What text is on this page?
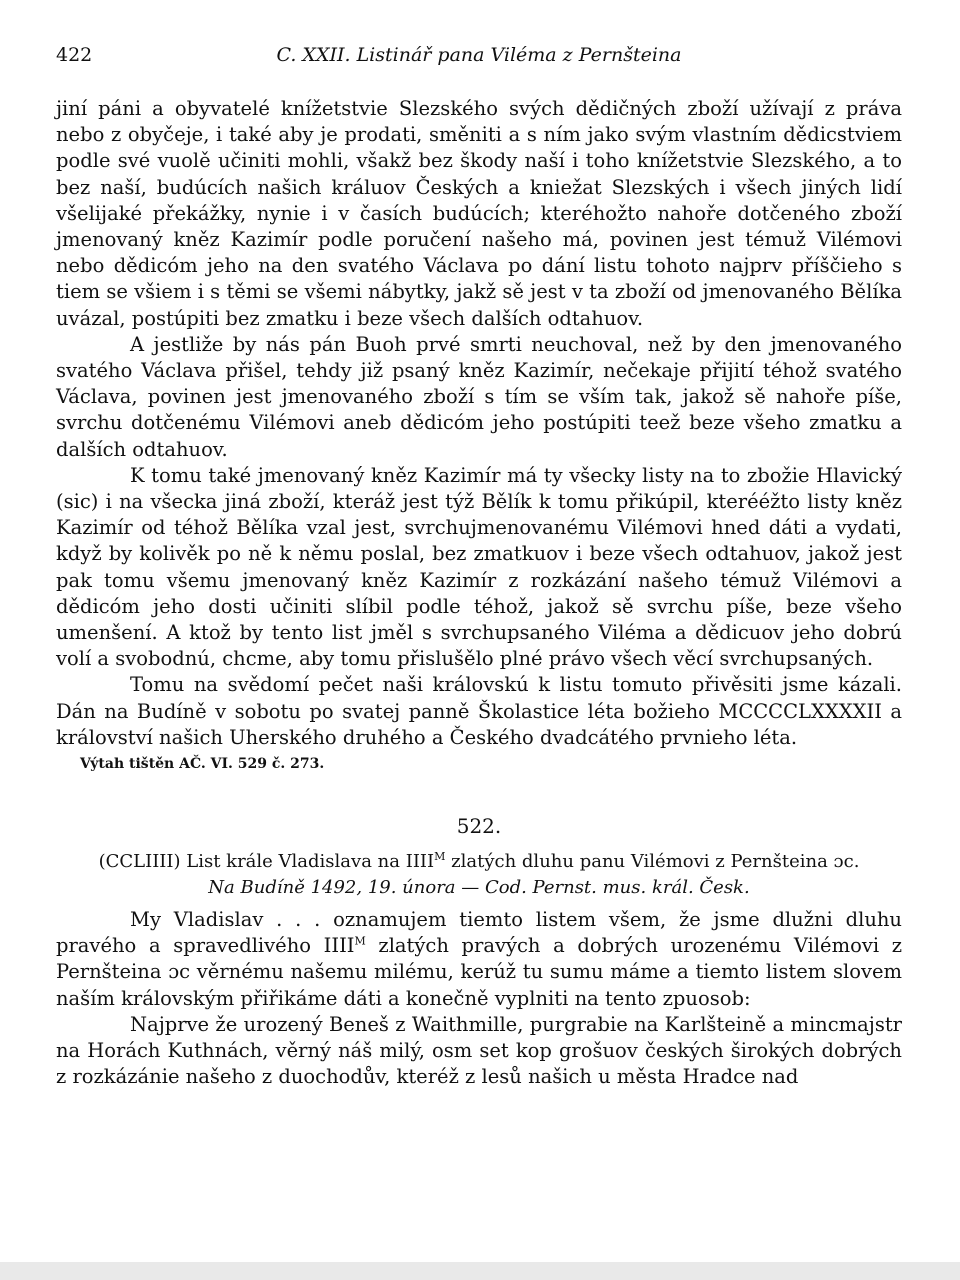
422	C. XXII. Listinář pana Viléma z Pernšteina

jiní páni a obyvatelé knížetstvie Slezského svých dědičných zboží užívají z práva nebo z obyčeje, i také aby je prodati, směniti a s ním jako svým vlastním dědicstviem podle své vuolě učiniti mohli, všakž bez škody naší i toho knížetstvie Slezského, a to bez naší, budúcích našich králuov Českých a kniežat Slezských i všech jiných lidí všelijaké překážky, nynie i v časích budúcích; kteréhožto nahoře dotčeného zboží jmenovaný kněz Kazimír podle poručení našeho má, povinen jest témuž Vilémovi nebo dědicóm jeho na den svatého Václava po dání listu tohoto najprv příščieho s tiem se všiem i s těmi se všemi nábytky, jakž sě jest v ta zboží od jmenovaného Bělíka uvázal, postúpiti bez zmatku i beze všech dalších odtahuov.

A jestliže by nás pán Buoh prvé smrti neuchoval, než by den jmenovaného svatého Václava přišel, tehdy již psaný kněz Kazimír, nečekaje přijití téhož svatého Václava, povinen jest jmenovaného zboží s tím se vším tak, jakož sě nahoře píše, svrchu dotčenému Vilémovi aneb dědicóm jeho postúpiti teež beze všeho zmatku a dalších odtahuov.

K tomu také jmenovaný kněz Kazimír má ty všecky listy na to zbožie Hlavický (sic) i na všecka jiná zboží, kteráž jest týž Bělík k tomu přikúpil, kterééžto listy kněz Kazimír od téhož Bělíka vzal jest, svrchujmenovanému Vilémovi hned dáti a vydati, když by kolivěk po ně k němu poslal, bez zmatkuov i beze všech odtahuov, jakož jest pak tomu všemu jmenovaný kněz Kazimír z rozkázání našeho témuž Vilémovi a dědicóm jeho dosti učiniti slíbil podle téhož, jakož sě svrchu píše, beze všeho umenšení. A ktož by tento list jměl s svrchupsaného Viléma a dědicuov jeho dobrú volí a svobodnú, chcme, aby tomu přislušělo plné právo všech věcí svrchupsaných.

Tomu na svědomí pečet naši královskú k listu tomuto přivěsiti jsme kázali. Dán na Budíně v sobotu po svatej panně Školastice léta božieho MCCCCLXXXXII a království našich Uherského druhého a Českého dvadcátého prvnieho léta.

Výtah tištěn AČ. VI. 529 č. 273.
522.

(CCLIIII) List krále Vladislava na $IIII^M$ zlatých dluhu panu Vilémovi z Pernšteina ɔc.

Na Budíně 1492, 19. února — Cod. Pernst. mus. král. Česk.

My Vladislav . . . oznamujem tiemto listem všem, že jsme dlužni dluhu pravého a spravedlivého $IIII^M$ zlatých pravých a dobrých urozenému Vilémovi z Pernšteina ɔc věrnému našemu milému, kerúž tu sumu máme a tiemto listem slovem naším královským přiřikáme dáti a konečně vyplniti na tento zpuosob:

Najprve že urozený Beneš z Waithmille, purgrabie na Karlšteině a mincmajstr na Horách Kuthnách, věrný náš milý, osm set kop grošuov českých širokých dobrých z rozkázánie našeho z duochodův, kteréž z lesů našich u města Hradce nad
